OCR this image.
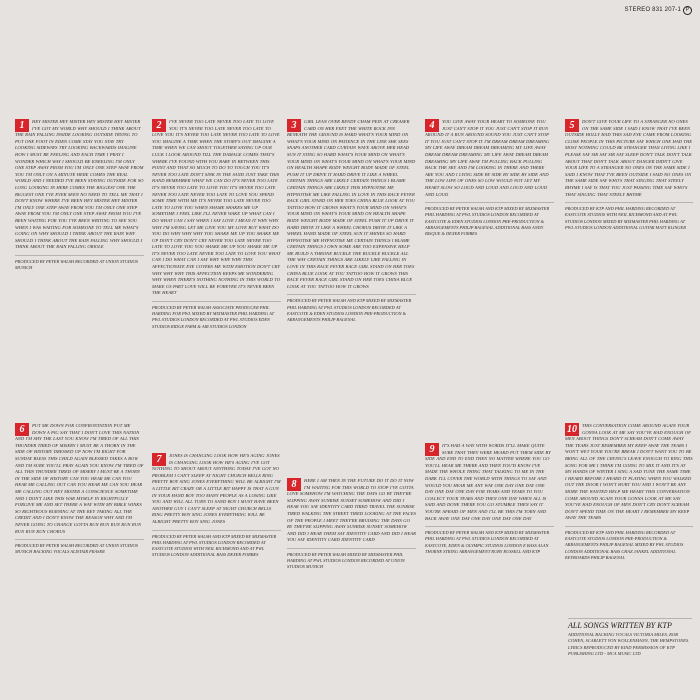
STEREO 831 207-1 P
1	HEY MISTER HEY MISTER HEY MISTER HEY MISTER I'VE GOT MY WORLD WHY SHOULD I THINK ABOUT THE RAIN FALLING INSIDE LOOKING OUTSIDE TRYING TO PUT ONE FOOT IN EDEN COME STAY YOU STAY TRY LOOKING SIDEWAYS TRY LOOKING BACKWARDS IMAGINE HOW I MUST BE FEELING AND EACH TIME I PRAY I WONDER WHICH WAY I SHOULD BE KNEELING I'M ONLY ONE STEP AWAY FROM YOU I'M ONLY ONE STEP AWAY FROM YOU I'M ONLY ON A MINUTE HERE COMES THE REAL WORLD AND I NEEDED I'VE BEEN STAYING OUTSIDE FOR SO LONG LOOKING IN HERE COMES THE BIGGEST ONE THE BIGGEST ONE I'VE EVER SEEN NO NEED TO TELL ME THAT I DON'T KNOW WHERE I'VE BEEN HEY MISTER HEY MISTER I'M ONLY ONE STEP AWAY FROM YOU I'M ONLY ONE STEP AWAY FROM YOU I'M ONLY ONE STEP AWAY FROM YOU I'VE BEEN WAITING FOR YOU I'VE BEEN WRITING TO SEE YOU WHEN I WAS WAITING FOR SOMEONE TO TELL ME WHAT'S GOING ON WHY SHOULD I THINK ABOUT THE RAIN WHY SHOULD I THINK ABOUT THE RAIN FALLING WHY SHOULD I THINK ABOUT THE RAIN FALLING ORIOLE

PRODUCED BY PETER WALSH RECORDED AT UNION STUDIOS MUNICH

2	I'VE NEVER TOO LATE NEVER TOO LATE TO LOVE YOU IT'S NEVER TOO LATE NEVER TOO LATE TO LOVE YOU IT'S NEVER TOO LATE NEVER TOO LATE TO LOVE YOU IMAGINE A TIME WHEN THE STORY'S OUT IMAGINE A TIME WHEN WE CAN SHOUT TOGETHER SAYING UP OUR LUCK I LOOK AROUND TILL THE DAMAGE COMES THAT'S WHERE I'VE FOUND WITH YOU BABY IN BETWEEN THIS POINT AND THAT SO MUCH TO DO TO TOUCH YOU IT'S NEVER TOO LATE DON'T SINK IN THE SAND JUST TAKE THIS HAND REMEMBER WHAT WE CAN DO IT'S NEVER TOO LATE IT'S NEVER TOO LATE TO LOVE YOU IT'S NEVER TOO LATE NEVER TOO LATE NEVER TOO LATE TO LOVE YOU SPEND SOME TIME WITH ME IT'S NEVER TOO LATE NEVER TOO LATE TO LOVE YOU WHEN SHAME SHAKES ME UP SOMETIME I FEEL LIKE I'LL NEVER WAKE UP WHAT CAN I DO WHAT CAN I SAY WHEN I SAY LOVE I MEAN IT WHY WHY WHY I'M SAYING LET ME GIVE YOU MY LOVE BUT WHAT DO YOU DO WHY WHY WHY YOU SHAKE ME UP YOU SHAKE ME UP DON'T CRY DON'T CRY NEVER TOO LATE NEVER TOO LATE TO LOVE YOU YOU SHAKE ME UP YOU SHAKE ME UP IT'S NEVER TOO LATE NEVER TOO LATE TO LOVE YOU WHAT CAN I DO WHAT CAN I SAY WHY WHY WHY THIS AFFECTIONATE EYE COVERS ME WITH EMOTION DON'T CRY WHY WHY WHY THIS AFFECTION KEEPS ME WONDERING WHY WHEN THERE'S NOTHING NOTHING IN THIS WORLD TO MAKE US PART LOVE WILL BE FOREVER IT'S NEVER BEEN THE HEART

PRODUCED BY PETER WALSH ASSOCIATE PRODUCER PHIL HARDING FOR PWL MIXED BY MIXMASTER PHIL HARDING AT PWL STUDIOS LONDON RECORDED AT PWL STUDIOS EDEN STUDIOS RIDGE FARM & AIR STUDIOS LONDON

3	GIRL LEAN OVER RENDY CHAM PEIN AT CREASER CARD ON HER FEET THE WHITE ROCK INN BENEATH THE GROUND IS HARD WHAT'S YOUR MIND ON WHAT'S YOUR MIND ON PATIENCE IN THE LINE SHE SEES SNAPS ANOTHER CARD CURTAIN WAVE ABOVE HER HEAD SUN IT STING SO HARD WHAT'S YOUR MIND ON WHAT'S YOUR MIND ON WHAT'S YOUR MIND ON WHAT'S YOUR MIND ON HEALTH SHAPE BODY WEIGHT BODY MADE OF STEEL PUSH IT UP DRIVE IT HARD DRIVE IT LIKE A WHEEL CERTAIN THINGS ARE LIKELY CERTAIN THINGS I BLAME CERTAIN THINGS ARE LIKELY THIS HYPNOTISE ME HYPNOTISE ME LIKE FALLING IN LOVE IN THIS RACE FEVER RACE GIRL STAND ON HER TOES CHINA BLUE LOOK AT YOU TATTOO HOW IT GROWS WHAT'S YOUR MIND ON WHAT'S YOUR MIND ON WHAT'S YOUR MIND ON HEALTH SHAPE BODY WEIGHT BODY MADE OF STEEL PUSH IT UP DRIVE IT HARD DRIVE IT LIKE A WHEEL CHORUS DRIVE IT LIKE A WHEEL HAND MADE OF STEEL SUN IT SHINES SO HARD HYPNOTISE ME HYPNOTISE ME CERTAIN THINGS I BLAME CERTAIN THINGS I OWN SOME ARE TOO EXPENSIVE HELP ME BUILD A THRONE BUCKLE THE BUCKLE BUCKLE ALL THE WAY CERTAIN THINGS ARE LIKELY LIKE FALLING IN LOVE IN THIS RACE FEVER RACE GIRL STAND ON HER TOES CHINA BLUE LOOK AT YOU TATTOO HOW IT GROWS THIS RACE FEVER RACE GIRL STAND ON HER TOES CHINA BLUE LOOK AT YOU TATTOO HOW IT GROWS

PRODUCED BY PETER WALSH AND KTP MIXED BY MIXMASTER PHIL HARDING AT PWL STUDIOS LONDON RECORDED AT EASTCOTE & EDEN STUDIOS LONDON PRE-PRODUCTION & ARRANGEMENTS PHILIP BAGENAL

4	YOU GIVE AWAY YOUR HEART TO SOMEONE YOU JUST CAN'T STOP IT YOU JUST CAN'T STOP IT RUN AROUND IT A RUN AROUND SOUND YOU JUST CAN'T STOP IT YOU JUST CAN'T STOP IT I'M DREAM DREAM DREAMING MY LIFE AWAY DREAM DREAM DREAMING MY LIFE AWAY DREAM DREAM DREAMING MY LIFE AWAY DREAM DREAM DREAMING MY LIFE AWAY I'M PULLING BACK PULLING BACK THE SKY AND I'M LOOKING IN THERE AND THERE ARE YOU AND I LYING SIDE BY SIDE BY SIDE BY SIDE AND THE LOW LIFE OF ONES SO LOW WOULD NOT LET MY HEART SLOW SO LOUD AND LOUD AND LOUD AND LOUD AND LOUD

PRODUCED BY PETER WALSH AND KTP MIXED BY MIXMASTER PHIL HARDING AT PWL STUDIOS LONDON RECORDED AT EASTCOTE & EDEN STUDIOS LONDON PRE-PRODUCTION & ARRANGEMENTS PHILIP BAGENAL ADDITIONAL BASS ANDY BISQUE & DEXER FORBES

5	DON'T GIVE YOUR LIFE TO A STRANGER NO ONES ON THE SAME SIDE I SAID I KNOW THAT I'VE BEEN OUTSIDE HOLLY HAD THIS SAD EYE CAME FROM LOOKING CLOSE PEOPLE IN THIS PICTURE SAY WHICH ONE HAD THE MOST NOTHING COULD BE STRANGER THAN LIVING LIKE I PLEASE SAY SIR SAY SIR SAY SLEEP DON'T TALK DON'T TALK ABOUT THAT DON'T TALK ABOUT DANGER DIDN'T GIVE YOUR LIFE TO A STRANGER NO ONES ON THE SAME SIDE I SAID I KNOW THAT I'VE BEEN OUTSIDE I SAID NO ONES ON THE SAME SIDE SAY WHO'S THAT SINGING THAT STEELY RHYME I SAY IS THAT YOU JUST PASSING TIME SAY WHO'S THAT SINGING THAT STEELY RHYME

PRODUCED BY KTP AND PHIL HARDING RECORDED AT EASTCOTE STUDIOS WITH NEIL RICHMOND AND AT PWL STUDIOS LONDON MIXED BY MIXMASTER PHIL HARDING AT PWL STUDIOS LONDON ADDITIONAL GUITAR MATT KLINGER

6	PUT ME DOWN FOR CONFRONTATION PUT ME DOWN A PIG SAY THAT I DON'T LOVE THIS NATION AND I'M SHY THE LAST YOU KNOW I'M TIRED OF ALL THIS THUNDER TIRED OF MISERY I MUST BE A THORN IN THE SIDE OF HISTORY DRESSED UP NOW I'M RIGHT FOR SUNDAY BLESS THIS CHILD AGAIN BLESSED TAKES A BOW AND I'M SURE YOU'LL PRAY AGAIN YOU KNOW I'M TIRED OF ALL THIS THUNDER TIRED OF MISERY I MUST BE A THORN IN THE SIDE OF HISTORY CAN YOU HEAR ME CAN YOU HEAR ME CALLING OUT CAN YOU HEAR ME CAN YOU HEAR ME CALLING OUT HEY MISTER A CONSCIENCE SOMETIME AND I DON'T LIKE THIS WAR MYSELF IN RIGHTFULLY FORGIVE ME AND SET THERE A WAY WITH MY BIBLE WINKS SO RIGHTEOUS BURNING AT THE KEY TAKING ALL THE CREDIT AND I DON'T KNOW THE REASON WHY AND I'M NEVER GOING TO CHANGE GOTTA RUN RUN RUN RUN RUN RUN RUN RUN CHORUS

PRODUCED BY PETER WALSH RECORDED AT UNION STUDIOS MUNICH BACKING VOCALS ALISTAIR FRASER

7	JONES IS CHANGING LOOK HOW HE'S AGING JONES IS CHANGING LOOK HOW HE'S AGING I'VE GOT NOTHING TO SHOUT ABOUT ANYTHING TODAY I'VE GOT NO PROBLEM I CAN'T SLEEP AT NIGHT CHURCH BELLS RING PRETTY BOY SING JONES EVERYTHING WILL BE ALRIGHT I'M A LITTLE BIT CRAZY OR A LITTLE BIT HAPPY IS THAT A GUN IN YOUR HAND BOY TOO MANY PEOPLE AS A LOSING LIKE YOU AND WILL ALL TURN TO SAND BOY I MUST HAVE BEEN ANOTHER GUY I CAN'T SLEEP AT NIGHT CHURCH BELLS RING PRETTY BOY SING JONES EVERYTHING WILL BE ALRIGHT PRETTY BOY SING JONES

PRODUCED BY PETER WALSH AND KTP MIXED BY MIXMASTER PHIL HARDING AT PWL STUDIOS LONDON RECORDED AT EASTCOTE STUDIOS WITH NEIL RICHMOND AND AT PWL STUDIOS LONDON ADDITIONAL BASS DEXER FORBES

8	HERE I AM THEN IN THE FUTURE DO IT DO IT NOW I'M WAITING FOR THIS WORLD TO STOP I'VE GOTTA LOVE SOMEHOW I'M WATCHING THE DAYS GO BY THEY'RE SLIPPING AWAY SUNRISE SUNSET SOMEHOW AND DID I HEAR YOU SAY IDENTITY CARD TIRED TRAVEL THE SUNRISE TIRED WALKING THE STREET TIRED LOOKING AT THE FACES OF THE PEOPLE I MEET THEY'RE BRUISING THE DAYS GO BY THEY'RE SLIPPING AWAY SUNRISE SUNSET SOMEHOW AND DID I HEAR THEM SAY IDENTITY CARD AND DID I HEAR YOU SAY IDENTITY CARD IDENTITY CARD

PRODUCED BY PETER WALSH MIXED BY MIXMASTER PHIL HARDING AT PWL STUDIOS LONDON RECORDED AT UNION STUDIOS MUNICH

9	IT'S HAD A WAY WITH WORDS IT'LL MAKE QUITE SURE THAT THEY WERE HEARD PUT THEM SIDE BY SIDE AND END TO END THEN NO MATTER WHERE YOU GO YOU'LL HEAR ME THERE AND THEN YOU'D KNOW I'VE MADE THE WHOLE THING THAT TALKING TO ME IN THE DARK I'LL COVER THE WORLD WITH THINGS TO SAY AND WOULD YOU HEAR ME ANY WAY ONE DAY ONE DAY ONE DAY ONE DAY ONE DAY FOR YEARS AND YEARS TO YOU COLLECT YOUR TEARS AND THEN ONE DAY WHEN ALL IS SAID AND DONE THERE YOU GO STUMBLE THEN SAY IT YOU'RE AFRAID OF MEN AND I'LL BE THIS I'M TORN AND BACK AWAY ONE DAY ONE DAY ONE DAY ONE DAY

PRODUCED BY PETER WALSH AND KTP MIXED BY MIXMASTER PHIL HARDING AT PWL STUDIOS LONDON RECORDED AT EASTCOTE, EDEN & OLYMPIC STUDIOS LONDON E BASS ALAN THORNE STRING ARRANGEMENT RUBY RUSSELL AND KTP

10	THIS CONVERSATION COME AROUND AGAIN YOUR GONNA LOOK AT ME SAY YOU'VE HAD ENOUGH OF MEN ABOUT THINGS DON'T SCREAM DON'T COME AWAY THE TEARS JUST REMEMBER MY KEEP AWAY THE TEARS I WON'T WET YOUR YOU'RE BREAK I DON'T WANT YOU TO BE BRING ALL OF THE CRYING'S LEAVE ENOUGH TO RING THIS SONG FOR ME I THINK I'M GOING TO MIX IT AND IT'S AT MY HANDS OF WINTER I SING A SAD TUNE THE SAME TIME I HEARD BEFORE I HEARD IT PLAYING WHEN YOU WALKED OUT THE DOOR I WON'T HURT YOU AND I WON'T BE ANY MORE THE WANTED HELP ME HEART THIS CONVERSATION COME AROUND AGAIN YOUR GONNA LOOK AT ME SAY YOU'VE HAD ENOUGH OF MEN DON'T CRY DON'T SCREAM DON'T SPEND TIME ON THE HEART I REMEMBER MY KEEP AWAY THE TEARS

PRODUCED BY KTP AND PHIL HARDING RECORDED AT EASTCOTE STUDIOS LONDON PRE-PRODUCTION & ARRANGEMENTS PHILIP BAGENAL MIXED BY PWL STUDIOS LONDON ADDITIONAL BASS CHAZ JANKEL ADDITIONAL KEYBOARDS PHILIP BAGENAL

ALL SONGS WRITTEN BY KTP

ADDITIONAL BACKING VOCALS VICTORIA MILES, ROB COHEN, SCARLETT VON WOLLENMANN, THE HEMPSTONES. LYRICS REPRODUCED BY KIND PERMISSION OF KTP PUBLISHING LTD - MCA MUSIC LTD
